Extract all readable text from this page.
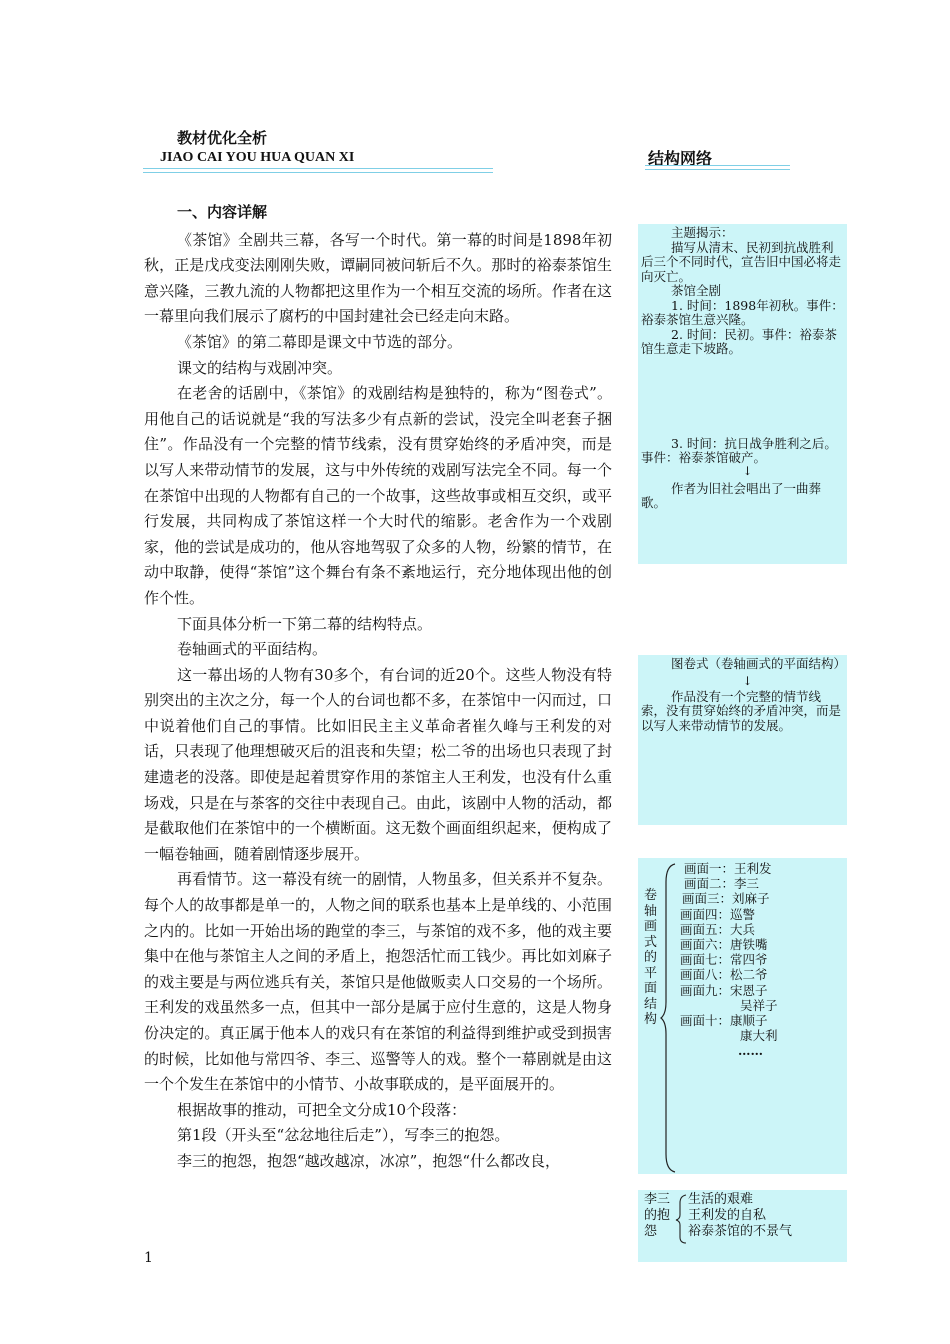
教材优化全析
JIAO CAI YOU HUA QUAN XI	结构网络

一、内容详解

《茶馆》全剧共三幕，各写一个时代。第一幕的时间是1898年初秋，正是戊戌变法刚刚失败，谭嗣同被问斩后不久。那时的裕泰茶馆生意兴隆，三教九流的人物都把这里作为一个相互交流的场所。作者在这一幕里向我们展示了腐朽的中国封建社会已经走向末路。

《茶馆》的第二幕即是课文中节选的部分。

课文的结构与戏剧冲突。

在老舍的话剧中，《茶馆》的戏剧结构是独特的，称为“图卷式”。用他自己的话说就是“我的写法多少有点新的尝试，没完全叫老套子捆住”。作品没有一个完整的情节线索，没有贯穿始终的矛盾冲突，而是以写人来带动情节的发展，这与中外传统的戏剧写法完全不同。每一个在茶馆中出现的人物都有自己的一个故事，这些故事或相互交织，或平行发展，共同构成了茶馆这样一个大时代的缩影。老舍作为一个戏剧家，他的尝试是成功的，他从容地驾驭了众多的人物，纷繁的情节，在动中取静，使得“茶馆”这个舞台有条不紊地运行，充分地体现出他的创作个性。

下面具体分析一下第二幕的结构特点。

卷轴画式的平面结构。

这一幕出场的人物有30多个，有台词的近20个。这些人物没有特别突出的主次之分，每一个人的台词也都不多，在茶馆中一闪而过，口中说着他们自己的事情。比如旧民主主义革命者崔久峰与王利发的对话，只表现了他理想破灭后的沮丧和失望；松二爷的出场也只表现了封建遗老的没落。即使是起着贯穿作用的茶馆主人王利发，也没有什么重场戏，只是在与茶客的交往中表现自己。由此，该剧中人物的活动，都是截取他们在茶馆中的一个横断面。这无数个画面组织起来，便构成了一幅卷轴画，随着剧情逐步展开。

再看情节。这一幕没有统一的剧情，人物虽多，但关系并不复杂。每个人的故事都是单一的，人物之间的联系也基本上是单线的、小范围之内的。比如一开始出场的跑堂的李三，与茶馆的戏不多，他的戏主要集中在他与茶馆主人之间的矛盾上，抱怨活忙而工钱少。再比如刘麻子的戏主要是与两位逃兵有关，茶馆只是他做贩卖人口交易的一个场所。王利发的戏虽然多一点，但其中一部分是属于应付生意的，这是人物身份决定的。真正属于他本人的戏只有在茶馆的利益得到维护或受到损害的时候，比如他与常四爷、李三、巡警等人的戏。整个一幕剧就是由这一个个发生在茶馆中的小情节、小故事联成的，是平面展开的。

根据故事的推动，可把全文分成10个段落：

第1段（开头至“忿忿地往后走”），写李三的抱怨。

李三的抱怨，抱怨“越改越凉，冰凉”，抱怨“什么都改良，

1

主题揭示：

描写从清末、民初到抗战胜利后三个不同时代，宣告旧中国必将走向灭亡。

茶馆全剧

1. 时间：1898年初秋。事件：裕泰茶馆生意兴隆。

2. 时间：民初。事件：裕泰茶馆生意走下坡路。

3. 时间：抗日战争胜利之后。事件：裕泰茶馆破产。

↓

作者为旧社会唱出了一曲葬歌。

图卷式（卷轴画式的平面结构）

↓

作品没有一个完整的情节线索，没有贯穿始终的矛盾冲突，而是以写人来带动情节的发展。

卷轴画式的平面结构
画面一：王利发
画面二：李三
画面三：刘麻子
画面四：巡警
画面五：大兵
画面六：唐铁嘴
画面七：常四爷
画面八：松二爷
画面九：宋恩子
吴祥子
画面十：康顺子
康大利
……
李三的抱怨
生活的艰难
王利发的自私
裕泰茶馆的不景气
